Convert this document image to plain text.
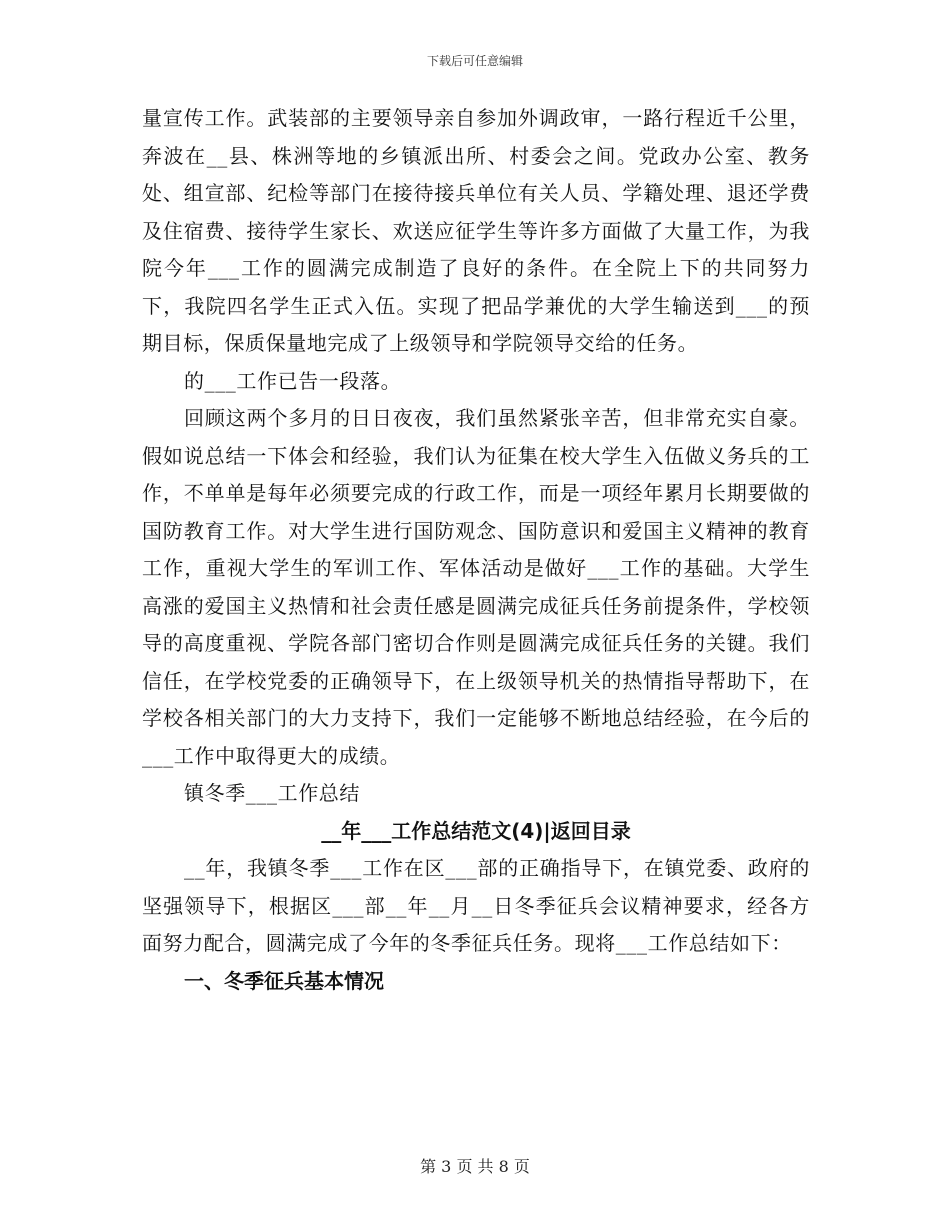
下载后可任意编辑

量宣传工作。武装部的主要领导亲自参加外调政审，一路行程近千公里，奔波在__县、株洲等地的乡镇派出所、村委会之间。党政办公室、教务处、组宣部、纪检等部门在接待接兵单位有关人员、学籍处理、退还学费及住宿费、接待学生家长、欢送应征学生等许多方面做了大量工作，为我院今年___工作的圆满完成制造了良好的条件。在全院上下的共同努力下，我院四名学生正式入伍。实现了把品学兼优的大学生输送到___的预期目标，保质保量地完成了上级领导和学院领导交给的任务。

的___工作已告一段落。

回顾这两个多月的日日夜夜，我们虽然紧张辛苦，但非常充实自豪。假如说总结一下体会和经验，我们认为征集在校大学生入伍做义务兵的工作，不单单是每年必须要完成的行政工作，而是一项经年累月长期要做的国防教育工作。对大学生进行国防观念、国防意识和爱国主义精神的教育工作，重视大学生的军训工作、军体活动是做好___工作的基础。大学生高涨的爱国主义热情和社会责任感是圆满完成征兵任务前提条件，学校领导的高度重视、学院各部门密切合作则是圆满完成征兵任务的关键。我们信任，在学校党委的正确领导下，在上级领导机关的热情指导帮助下，在学校各相关部门的大力支持下，我们一定能够不断地总结经验，在今后的___工作中取得更大的成绩。

镇冬季___工作总结

__年___工作总结范文(4)|返回目录

__年，我镇冬季___工作在区___部的正确指导下，在镇党委、政府的坚强领导下，根据区___部__年__月__日冬季征兵会议精神要求，经各方面努力配合，圆满完成了今年的冬季征兵任务。现将___工作总结如下：

一、冬季征兵基本情况

第 3 页 共 8 页
